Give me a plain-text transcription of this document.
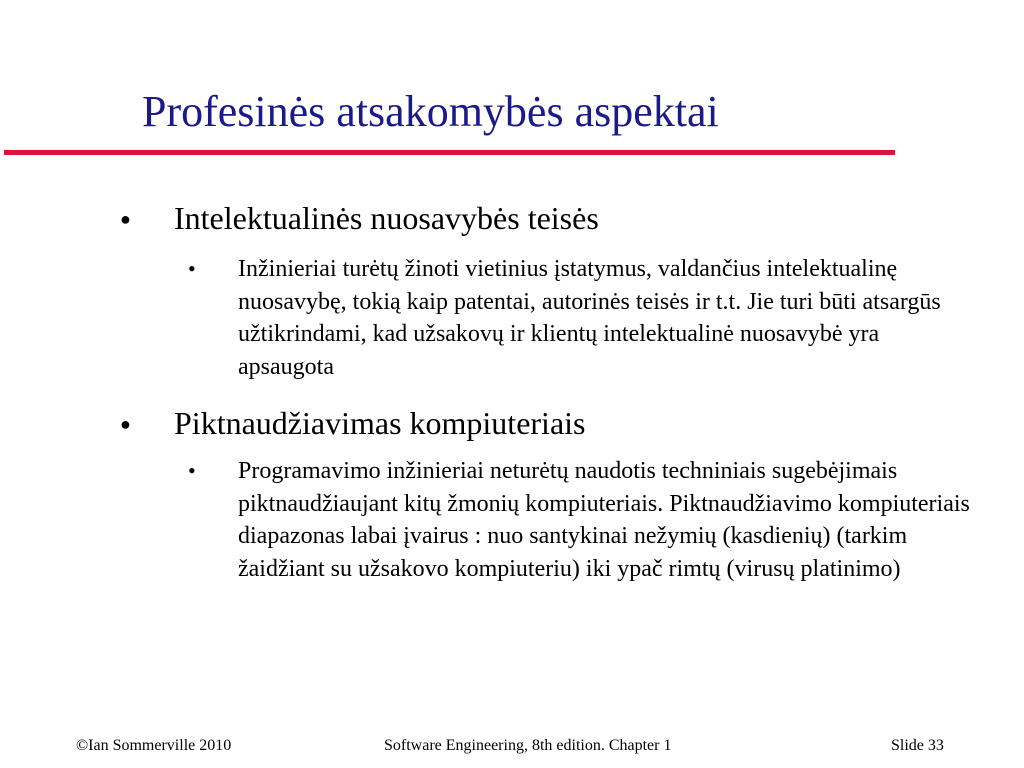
Profesinės atsakomybės aspektai
● Intelektualinės nuosavybės teisės
• Inžinieriai turėtų žinoti vietinius įstatymus, valdančius intelektualinę nuosavybę, tokią kaip patentai, autorinės teisės ir t.t. Jie turi būti atsargūs užtikrindami, kad užsakovų ir klientų intelektualinė nuosavybė yra apsaugota
● Piktnaudžiavimas kompiuteriais
• Programavimo inžinieriai neturėtų naudotis techniniais sugebėjimais piktnaudžiaujant kitų žmonių kompiuteriais. Piktnaudžiavimo kompiuteriais diapazonas labai įvairus : nuo santykinai nežymių (kasdienių) (tarkim žaidžiant su užsakovo kompiuteriu) iki ypač rimtų (virusų platinimo)
©Ian Sommerville 2010	Software Engineering, 8th edition. Chapter 1	Slide 33
